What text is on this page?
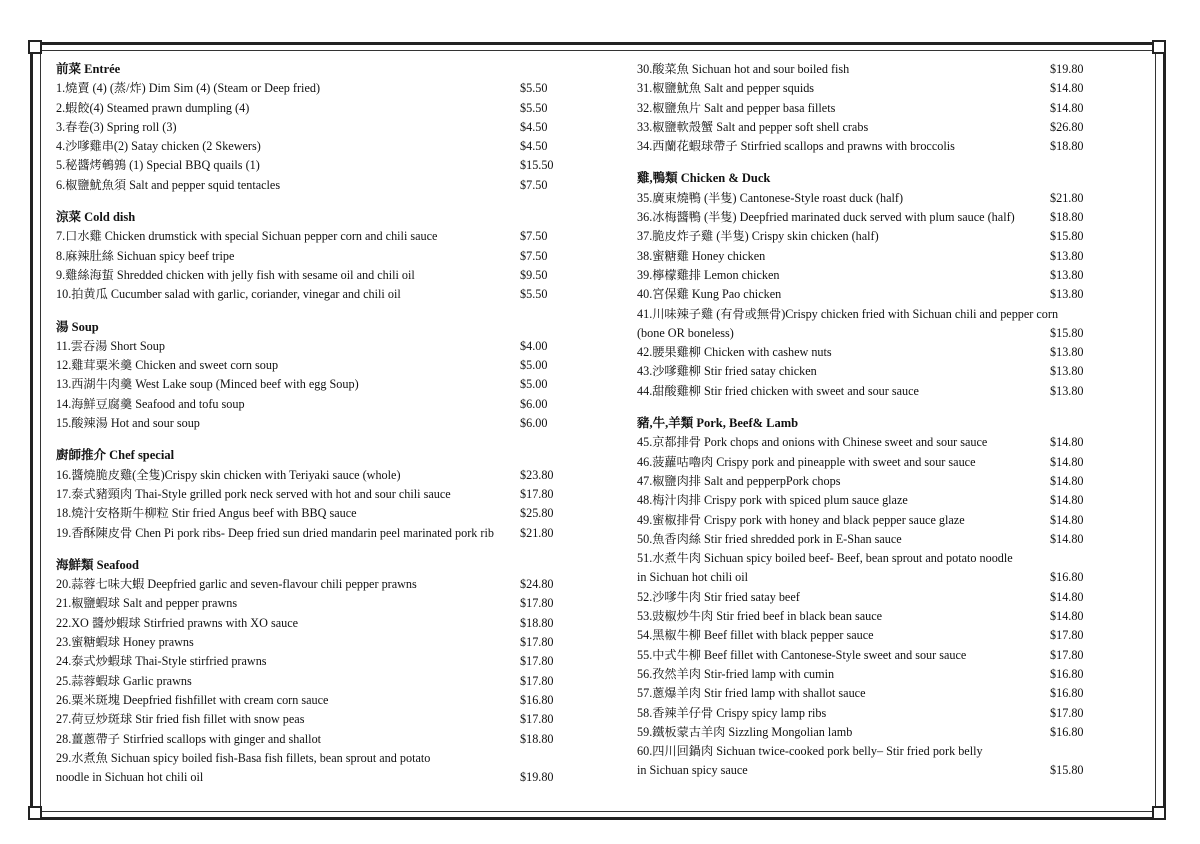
前菜 Entrée
1.燒賣 (4) (蒸/炸) Dim Sim (4) (Steam or Deep fried)	$5.50
2.蝦餃(4) Steamed prawn dumpling (4)	$5.50
3.春卷(3) Spring roll (3)	$4.50
4.沙嗲雞串(2) Satay chicken (2 Skewers)	$4.50
5.秘醬烤鵪鶉 (1) Special BBQ quails (1)	$15.50
6.椒鹽魷魚須 Salt and pepper squid tentacles	$7.50
涼菜 Cold dish
7.口水雞 Chicken drumstick with special Sichuan pepper corn and chili sauce	$7.50
8.麻辣肚絲 Sichuan spicy beef tripe	$7.50
9.雞絲海蜇 Shredded chicken with jelly fish with sesame oil and chili oil	$9.50
10.拍黄瓜 Cucumber salad with garlic, coriander, vinegar and chili oil	$5.50
湯 Soup
11.雲吞湯 Short Soup	$4.00
12.雞茸粟米羹 Chicken and sweet corn soup	$5.00
13.西湖牛肉羹 West Lake soup (Minced beef with egg Soup)	$5.00
14.海鮮豆腐羹 Seafood and tofu soup	$6.00
15.酸辣湯 Hot and sour soup	$6.00
廚師推介 Chef special
16.醬燒脆皮雞(全隻)Crispy skin chicken with Teriyaki sauce (whole)	$23.80
17.泰式豬頸肉 Thai-Style grilled pork neck served with hot and sour chili sauce	$17.80
18.燒汁安格斯牛柳粒 Stir fried Angus beef with BBQ sauce	$25.80
19.香酥陳皮骨 Chen Pi pork ribs- Deep fried sun dried mandarin peel marinated pork rib $21.80
海鮮類 Seafood
20.蒜蓉七味大蝦 Deepfried garlic and seven-flavour chili pepper prawns	$24.80
21.椒鹽蝦球 Salt and pepper prawns	$17.80
22.XO 醬炒蝦球 Stirfried prawns with XO sauce	$18.80
23.蜜糖蝦球 Honey prawns	$17.80
24.泰式炒蝦球 Thai-Style stirfried prawns	$17.80
25.蒜蓉蝦球 Garlic prawns	$17.80
26.粟米斑塊 Deepfried fishfillet with cream corn sauce	$16.80
27.荷豆炒斑球 Stir fried fish fillet with snow peas	$17.80
28.薑蔥帶子 Stirfried scallops with ginger and shallot	$18.80
29.水煮魚 Sichuan spicy boiled fish-Basa fish fillets, bean sprout and potato
noodle in Sichuan hot chili oil	$19.80
30.酸菜魚 Sichuan hot and sour boiled fish	$19.80
31.椒鹽魷魚 Salt and pepper squids	$14.80
32.椒鹽魚片 Salt and pepper basa fillets	$14.80
33.椒鹽軟殼蟹 Salt and pepper soft shell crabs	$26.80
34.西蘭花蝦球帶子 Stirfried scallops and prawns with broccolis	$18.80
雞,鴨類 Chicken & Duck
35.廣東燒鴨 (半隻) Cantonese-Style roast duck (half)	$21.80
36.冰梅醬鴨 (半隻) Deepfried marinated duck served with plum sauce (half)	$18.80
37.脆皮炸子雞 (半隻) Crispy skin chicken (half)	$15.80
38.蜜糖雞 Honey chicken	$13.80
39.檸檬雞排 Lemon chicken	$13.80
40.宮保雞 Kung Pao chicken	$13.80
41.川味辣子雞 (有骨或無骨)Crispy chicken fried with Sichuan chili and pepper corn
(bone OR boneless)	$15.80
42.腰果雞柳 Chicken with cashew nuts	$13.80
43.沙嗲雞柳 Stir fried satay chicken	$13.80
44.甜酸雞柳 Stir fried chicken with sweet and sour sauce	$13.80
豬,牛,羊類 Pork, Beef& Lamb
45.京都排骨 Pork chops and onions with Chinese sweet and sour sauce	$14.80
46.菠蘿咕嚕肉 Crispy pork and pineapple with sweet and sour sauce	$14.80
47.椒鹽肉排 Salt and pepperpPork chops	$14.80
48.梅汁肉排 Crispy pork with spiced plum sauce glaze	$14.80
49.蜜椒排骨 Crispy pork with honey and black pepper sauce glaze	$14.80
50.魚香肉絲 Stir fried shredded pork in E-Shan sauce	$14.80
51.水煮牛肉 Sichuan spicy boiled beef- Beef, bean sprout and potato noodle
in Sichuan hot chili oil	$16.80
52.沙嗲牛肉 Stir fried satay beef	$14.80
53.豉椒炒牛肉 Stir fried beef in black bean sauce	$14.80
54.黑椒牛柳 Beef fillet with black pepper sauce	$17.80
55.中式牛柳 Beef fillet with Cantonese-Style sweet and sour sauce	$17.80
56.孜然羊肉 Stir-fried lamp with cumin	$16.80
57.蔥爆羊肉 Stir fried lamp with shallot sauce	$16.80
58.香辣羊仔骨 Crispy spicy lamp ribs	$17.80
59.鐵板蒙古羊肉 Sizzling Mongolian lamb	$16.80
60.四川回鍋肉 Sichuan twice-cooked pork belly– Stir fried pork belly
in Sichuan spicy sauce	$15.80
